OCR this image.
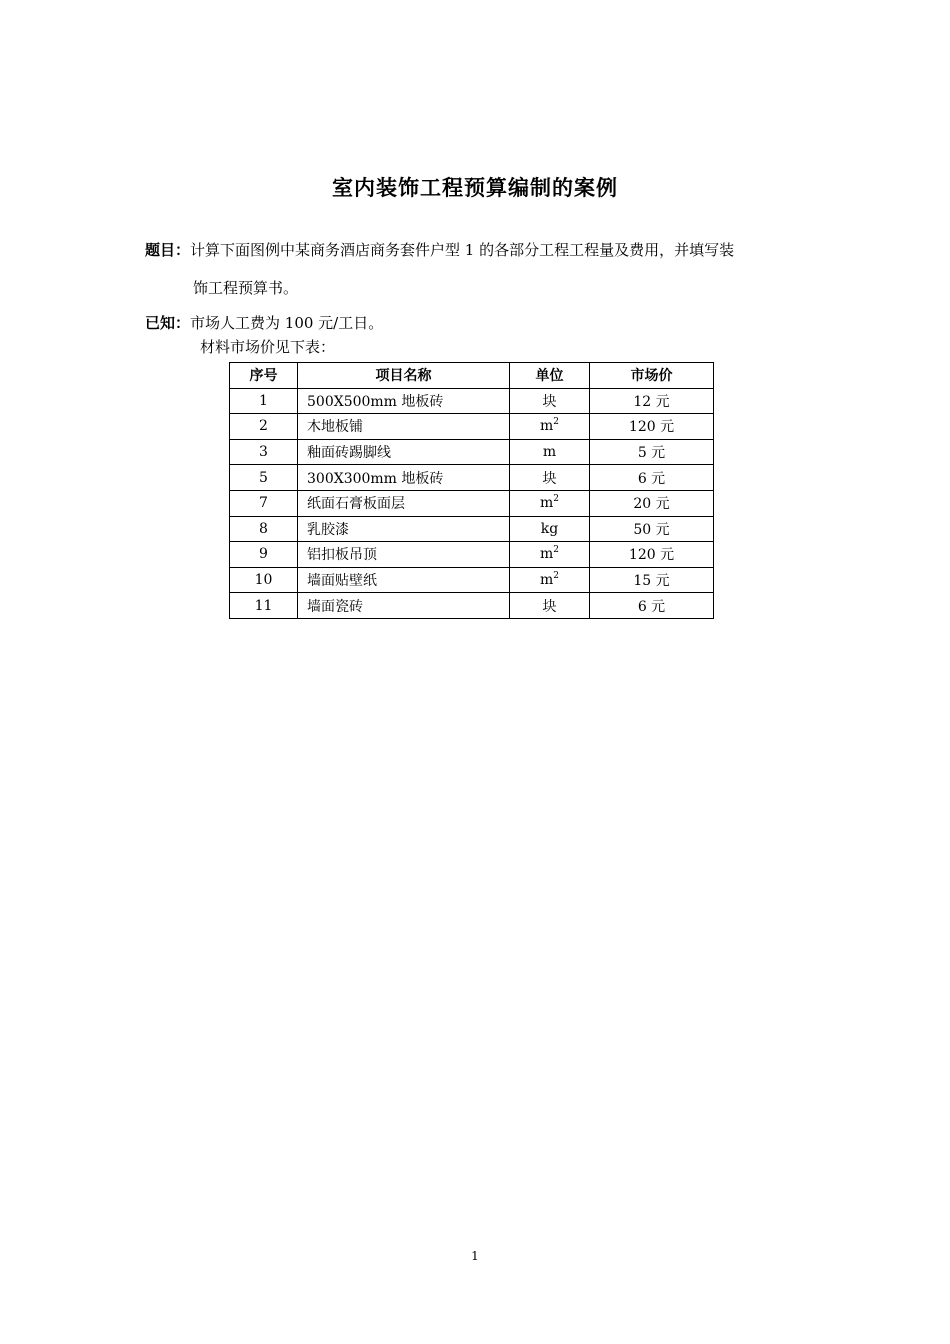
室内装饰工程预算编制的案例
题目：计算下面图例中某商务酒店商务套件户型 1 的各部分工程工程量及费用，并填写装
饰工程预算书。
已知：市场人工费为 100 元/工日。
材料市场价见下表：
序号	项目名称	单位	市场价
1	500X500mm 地板砖	块	12 元
2	木地板铺	$m^2$	120 元
3	釉面砖踢脚线	m	5 元
5	300X300mm 地板砖	块	6 元
7	纸面石膏板面层	$m^2$	20 元
8	乳胶漆	kg	50 元
9	铝扣板吊顶	$m^2$	120 元
10	墙面贴壁纸	$m^2$	15 元
11	墙面瓷砖	块	6 元
1
